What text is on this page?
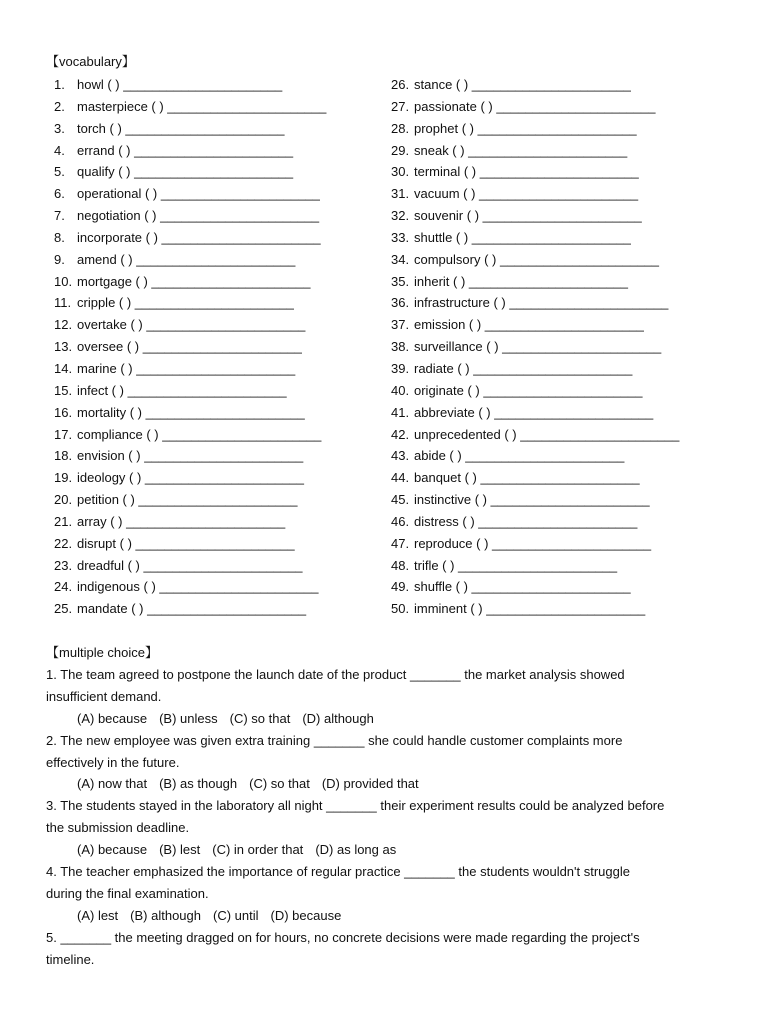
【vocabulary】
1. howl ( ) ______________________
2. masterpiece ( ) ______________________
3. torch ( ) ______________________
4. errand ( ) ______________________
5. qualify ( ) ______________________
6. operational ( ) ______________________
7. negotiation ( ) ______________________
8. incorporate ( ) ______________________
9. amend ( ) ______________________
10. mortgage ( ) ______________________
11. cripple ( ) ______________________
12. overtake ( ) ______________________
13. oversee ( ) ______________________
14. marine ( ) ______________________
15. infect ( ) ______________________
16. mortality ( ) ______________________
17. compliance ( ) ______________________
18. envision ( ) ______________________
19. ideology ( ) ______________________
20. petition ( ) ______________________
21. array ( ) ______________________
22. disrupt ( ) ______________________
23. dreadful ( ) ______________________
24. indigenous ( ) ______________________
25. mandate ( ) ______________________
26. stance ( ) ______________________
27. passionate ( ) ______________________
28. prophet ( ) ______________________
29. sneak ( ) ______________________
30. terminal ( ) ______________________
31. vacuum ( ) ______________________
32. souvenir ( ) ______________________
33. shuttle ( ) ______________________
34. compulsory ( ) ______________________
35. inherit ( ) ______________________
36. infrastructure ( ) ______________________
37. emission ( ) ______________________
38. surveillance ( ) ______________________
39. radiate ( ) ______________________
40. originate ( ) ______________________
41. abbreviate ( ) ______________________
42. unprecedented ( ) ______________________
43. abide ( ) ______________________
44. banquet ( ) ______________________
45. instinctive ( ) ______________________
46. distress ( ) ______________________
47. reproduce ( ) ______________________
48. trifle ( ) ______________________
49. shuffle ( ) ______________________
50. imminent ( ) ______________________
【multiple choice】
1. The team agreed to postpone the launch date of the product _______ the market analysis showed
insufficient demand.
(A) because (B) unless (C) so that (D) although
2. The new employee was given extra training _______ she could handle customer complaints more
effectively in the future.
(A) now that (B) as though (C) so that (D) provided that
3. The students stayed in the laboratory all night _______ their experiment results could be analyzed before
the submission deadline.
(A) because (B) lest (C) in order that (D) as long as
4. The teacher emphasized the importance of regular practice _______ the students wouldn't struggle
during the final examination.
(A) lest (B) although (C) until (D) because
5. _______ the meeting dragged on for hours, no concrete decisions were made regarding the project's
timeline.
